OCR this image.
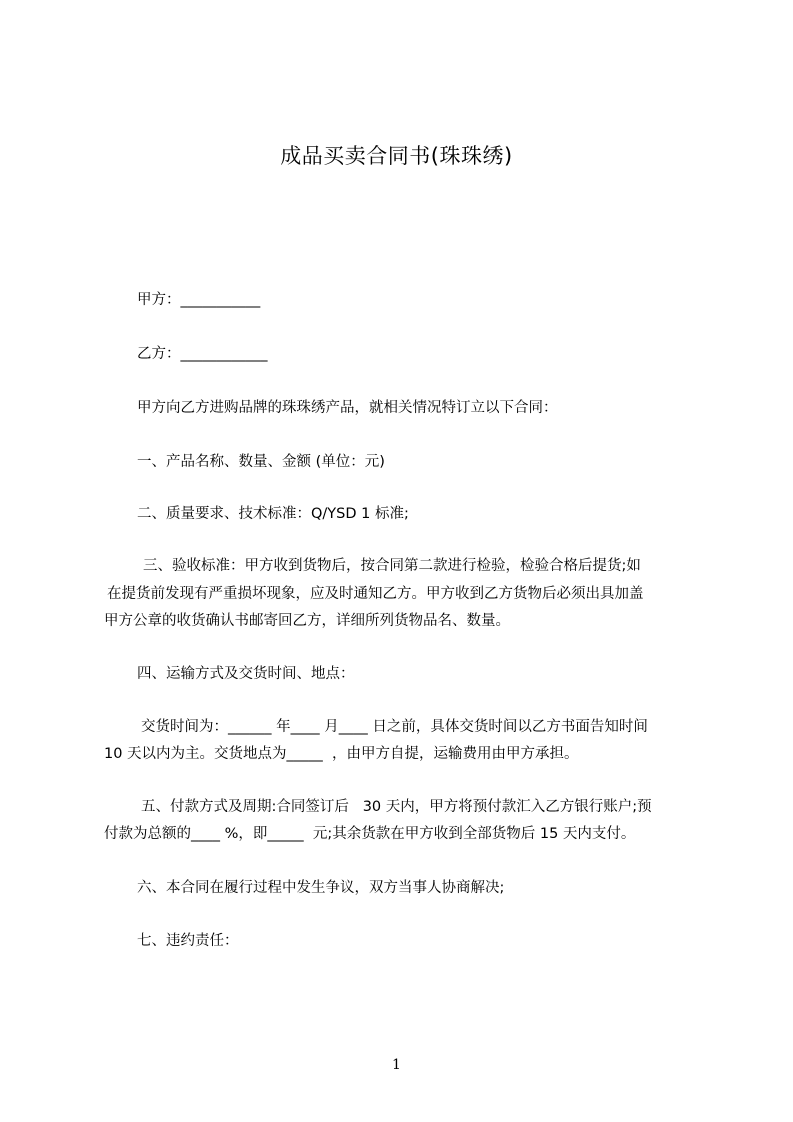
成品买卖合同书(珠珠绣)
甲方：___________
乙方：____________
甲方向乙方进购品牌的珠珠绣产品，就相关情况特订立以下合同：
一、产品名称、数量、金额 (单位：元)
二、质量要求、技术标准：Q/YSD 1 标准;
三、验收标准：甲方收到货物后，按合同第二款进行检验，检验合格后提货;如
在提货前发现有严重损坏现象，应及时通知乙方。甲方收到乙方货物后必须出具加盖
甲方公章的收货确认书邮寄回乙方，详细所列货物品名、数量。
四、运输方式及交货时间、地点：
交货时间为：______ 年____ 月____ 日之前，具体交货时间以乙方书面告知时间
10 天以内为主。交货地点为_____  ，由甲方自提，运输费用由甲方承担。
五、付款方式及周期:合同签订后   30 天内，甲方将预付款汇入乙方银行账户;预
付款为总额的____ %，即_____  元;其余货款在甲方收到全部货物后 15 天内支付。
六、本合同在履行过程中发生争议，双方当事人协商解决;
七、违约责任：
1
